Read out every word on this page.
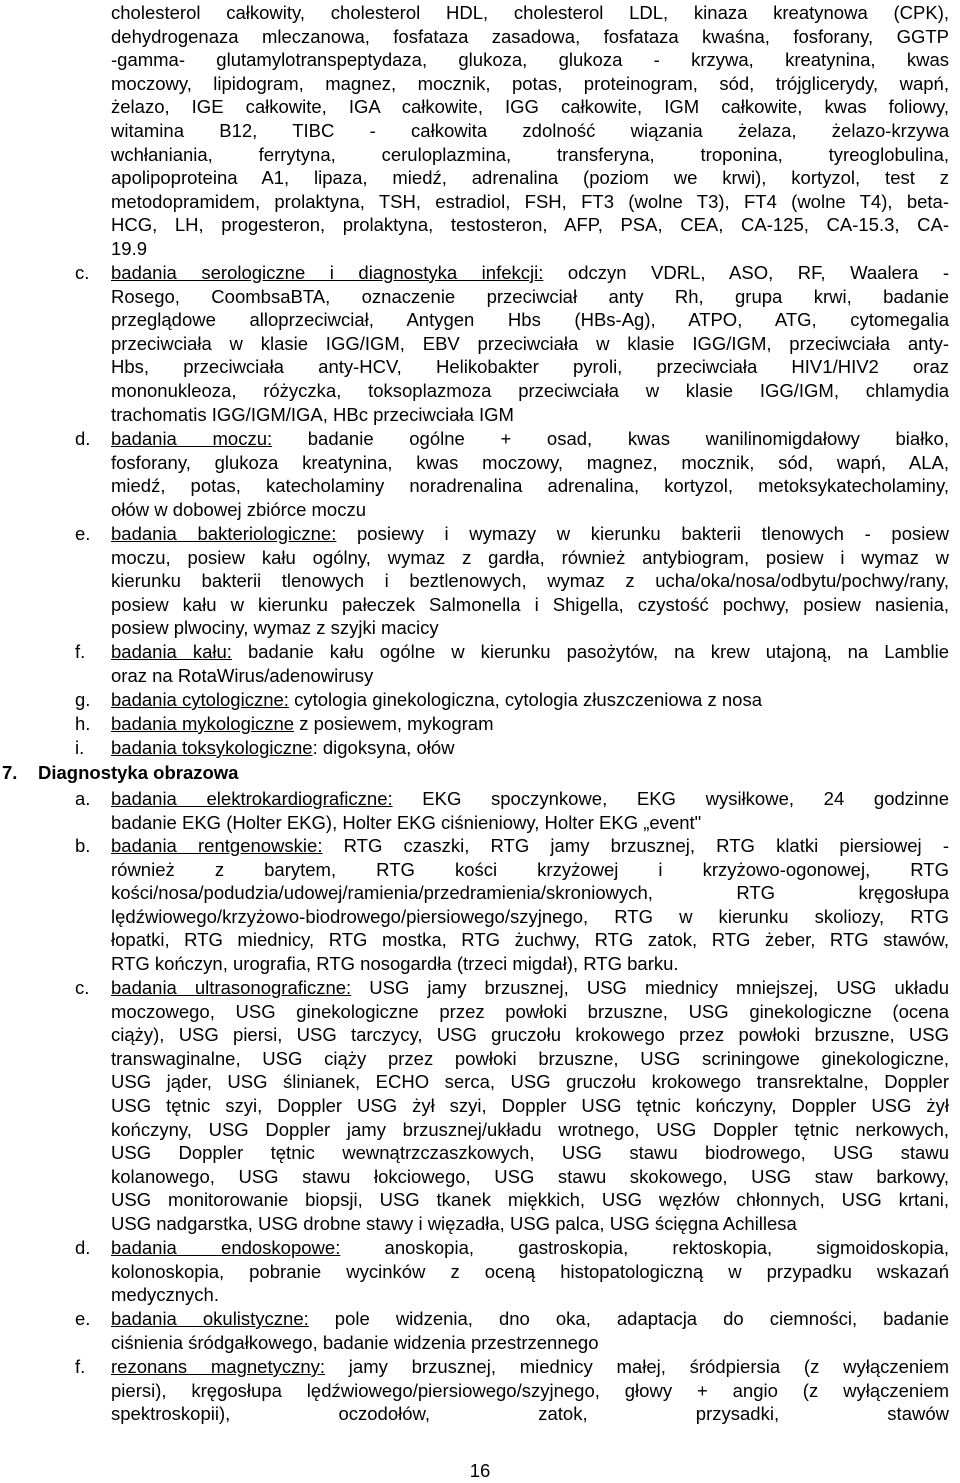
cholesterol całkowity, cholesterol HDL, cholesterol LDL, kinaza kreatynowa (CPK),
dehydrogenaza mleczanowa, fosfataza zasadowa, fosfataza kwaśna, fosforany, GGTP
-gamma- glutamylotranspeptydaza, glukoza, glukoza - krzywa, kreatynina, kwas
moczowy, lipidogram, magnez, mocznik, potas, proteinogram, sód, trójglicerydy, wapń,
żelazo, IGE całkowite, IGA całkowite, IGG całkowite, IGM całkowite, kwas foliowy,
witamina B12, TIBC - całkowita zdolność wiązania żelaza, żelazo-krzywa
wchłaniania, ferrytyna, ceruloplazmina, transferyna, troponina, tyreoglobulina,
apolipoproteina A1, lipaza, miedź, adrenalina (poziom we krwi), kortyzol, test z
metodopramidem, prolaktyna, TSH, estradiol, FSH, FT3 (wolne T3), FT4 (wolne T4), beta-
HCG, LH, progesteron, prolaktyna, testosteron, AFP, PSA, CEA, CA-125, CA-15.3, CA-
19.9
c. badania serologiczne i diagnostyka infekcji: odczyn VDRL, ASO, RF, Waalera -
Rosego, CoombsaBTA, oznaczenie przeciwciał anty Rh, grupa krwi, badanie
przeglądowe alloprzeciwciał, Antygen Hbs (HBs-Ag), ATPO, ATG, cytomegalia
przeciwciała w klasie IGG/IGM, EBV przeciwciała w klasie IGG/IGM, przeciwciała anty-
Hbs, przeciwciała anty-HCV, Helikobakter pyroli, przeciwciała HIV1/HIV2 oraz
mononukleoza, różyczka, toksoplazmoza przeciwciała w klasie IGG/IGM, chlamydia
trachomatis IGG/IGM/IGA, HBc przeciwciała IGM
d. badania moczu: badanie ogólne + osad, kwas wanilinomigdałowy białko,
fosforany, glukoza kreatynina, kwas moczowy, magnez, mocznik, sód, wapń, ALA,
miedź, potas, katecholaminy noradrenalina adrenalina, kortyzol, metoksykatecholaminy,
ołów w dobowej zbiórce moczu
e. badania bakteriologiczne: posiewy i wymazy w kierunku bakterii tlenowych - posiew
moczu, posiew kału ogólny, wymaz z gardła, również antybiogram, posiew i wymaz w
kierunku bakterii tlenowych i beztlenowych, wymaz z ucha/oka/nosa/odbytu/pochwy/rany,
posiew kału w kierunku pałeczek Salmonella i Shigella, czystość pochwy, posiew nasienia,
posiew plwociny, wymaz z szyjki macicy
f. badania kału: badanie kału ogólne w kierunku pasożytów, na krew utajoną, na Lamblie
oraz na RotaWirus/adenowirusy
g. badania cytologiczne: cytologia ginekologiczna, cytologia złuszczeniowa z nosa
h. badania mykologiczne z posiewem, mykogram
i. badania toksykologiczne: digoksyna, ołów
7. Diagnostyka obrazowa
a. badania elektrokardiograficzne: EKG spoczynkowe, EKG wysiłkowe, 24 godzinne
badanie EKG (Holter EKG), Holter EKG ciśnieniowy, Holter EKG „event"
b. badania rentgenowskie: RTG czaszki, RTG jamy brzusznej, RTG klatki piersiowej -
również z barytem, RTG kości krzyżowej i krzyżowo-ogonowej, RTG
kości/nosa/podudzia/udowej/ramienia/przedramienia/skroniowych, RTG kręgosłupa
lędźwiowego/krzyżowo-biodrowego/piersiowego/szyjnego, RTG w kierunku skoliozy, RTG
łopatki, RTG miednicy, RTG mostka, RTG żuchwy, RTG zatok, RTG żeber, RTG stawów,
RTG kończyn, urografia, RTG nosogardła (trzeci migdał), RTG barku.
c. badania ultrasonograficzne: USG jamy brzusznej, USG miednicy mniejszej, USG układu
moczowego, USG ginekologiczne przez powłoki brzuszne, USG ginekologiczne (ocena
ciąży), USG piersi, USG tarczycy, USG gruczołu krokowego przez powłoki brzuszne, USG
transwaginalne, USG ciąży przez powłoki brzuszne, USG scriningowe ginekologiczne,
USG jąder, USG ślinianek, ECHO serca, USG gruczołu krokowego transrektalne, Doppler
USG tętnic szyi, Doppler USG żył szyi, Doppler USG tętnic kończyny, Doppler USG żył
kończyny, USG Doppler jamy brzusznej/układu wrotnego, USG Doppler tętnic nerkowych,
USG Doppler tętnic wewnątrzczaszkowych, USG stawu biodrowego, USG stawu
kolanowego, USG stawu łokciowego, USG stawu skokowego, USG staw barkowy,
USG monitorowanie biopsji, USG tkanek miękkich, USG węzłów chłonnych, USG krtani,
USG nadgarstka, USG drobne stawy i więzadła, USG palca, USG ścięgna Achillesa
d. badania endoskopowe: anoskopia, gastroskopia, rektoskopia, sigmoidoskopia,
kolonoskopia, pobranie wycinków z oceną histopatologiczną w przypadku wskazań
medycznych.
e. badania okulistyczne: pole widzenia, dno oka, adaptacja do ciemności, badanie
ciśnienia śródgałkowego, badanie widzenia przestrzennego
f. rezonans magnetyczny: jamy brzusznej, miednicy małej, śródpiersia (z wyłączeniem
piersi), kręgosłupa lędźwiowego/piersiowego/szyjnego, głowy + angio (z wyłączeniem
spektroskopii), oczodołów, zatok, przysadki, stawów
16
